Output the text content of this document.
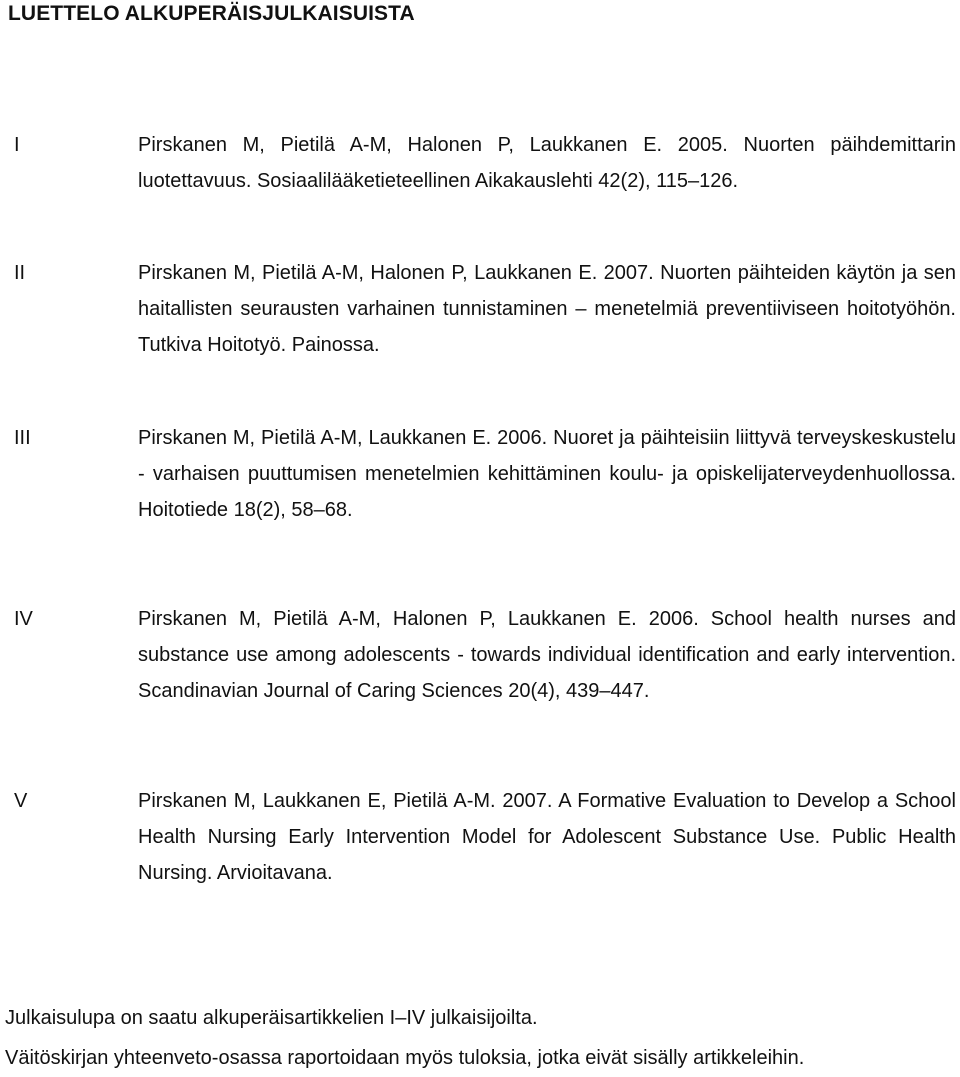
LUETTELO ALKUPERÄISJULKAISUISTA
I	Pirskanen M, Pietilä A-M, Halonen P, Laukkanen E. 2005. Nuorten päihdemittarin luotettavuus. Sosiaalilääketieteellinen Aikakauslehti 42(2), 115–126.
II	Pirskanen M, Pietilä A-M, Halonen P, Laukkanen E. 2007. Nuorten päihteiden käytön ja sen haitallisten seurausten varhainen tunnistaminen – menetelmiä preventiiviseen hoitotyöhön. Tutkiva Hoitotyö. Painossa.
III	Pirskanen M, Pietilä A-M, Laukkanen E. 2006. Nuoret ja päihteisiin liittyvä terveyskeskustelu - varhaisen puuttumisen menetelmien kehittäminen koulu- ja opiskelijaterveydenhuollossa. Hoitotiede 18(2), 58–68.
IV	Pirskanen M, Pietilä A-M, Halonen P, Laukkanen E. 2006. School health nurses and substance use among adolescents - towards individual identification and early intervention. Scandinavian Journal of Caring Sciences 20(4), 439–447.
V	Pirskanen M, Laukkanen E, Pietilä A-M. 2007. A Formative Evaluation to Develop a School Health Nursing Early Intervention Model for Adolescent Substance Use. Public Health Nursing. Arvioitavana.
Julkaisulupa on saatu alkuperäisartikkelien I–IV julkaisijoilta.
Väitöskirjan yhteenveto-osassa raportoidaan myös tuloksia, jotka eivät sisälly artikkeleihin.
